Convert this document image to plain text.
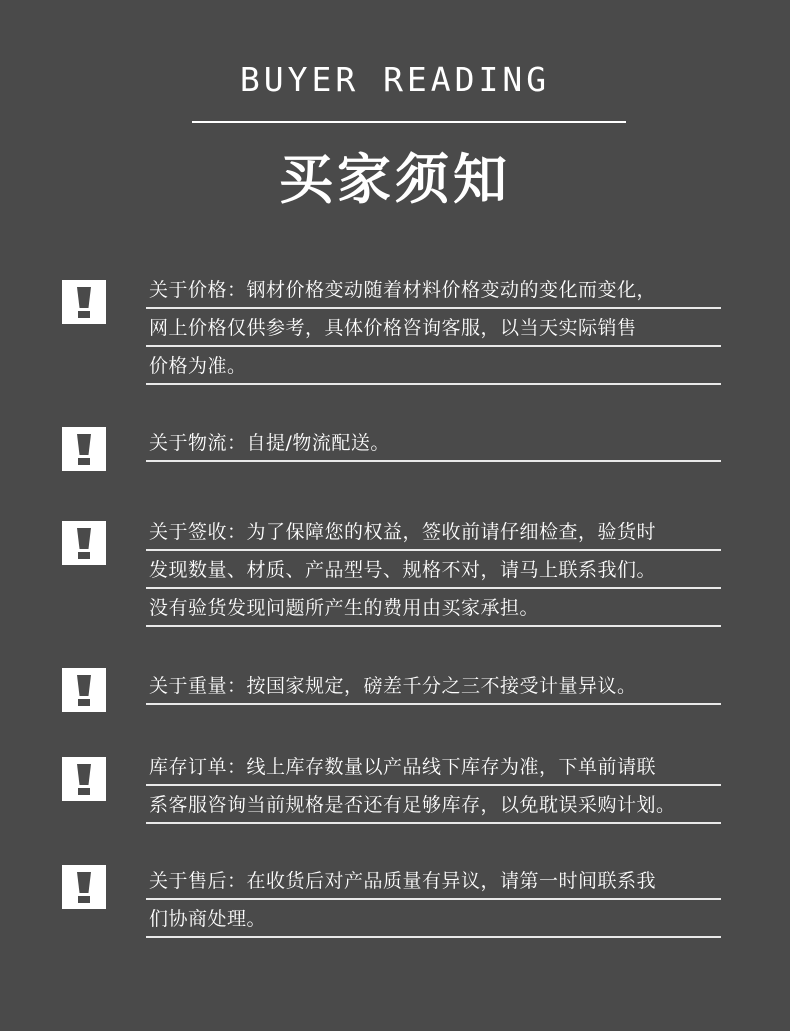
BUYER READING
买家须知
关于价格：钢材价格变动随着材料价格变动的变化而变化，
网上价格仅供参考，具体价格咨询客服，以当天实际销售
价格为准。
关于物流：自提/物流配送。
关于签收：为了保障您的权益，签收前请仔细检查，验货时
发现数量、材质、产品型号、规格不对，请马上联系我们。
没有验货发现问题所产生的费用由买家承担。
关于重量：按国家规定，磅差千分之三不接受计量异议。
库存订单：线上库存数量以产品线下库存为准，下单前请联
系客服咨询当前规格是否还有足够库存，以免耽误采购计划。
关于售后：在收货后对产品质量有异议，请第一时间联系我
们协商处理。
